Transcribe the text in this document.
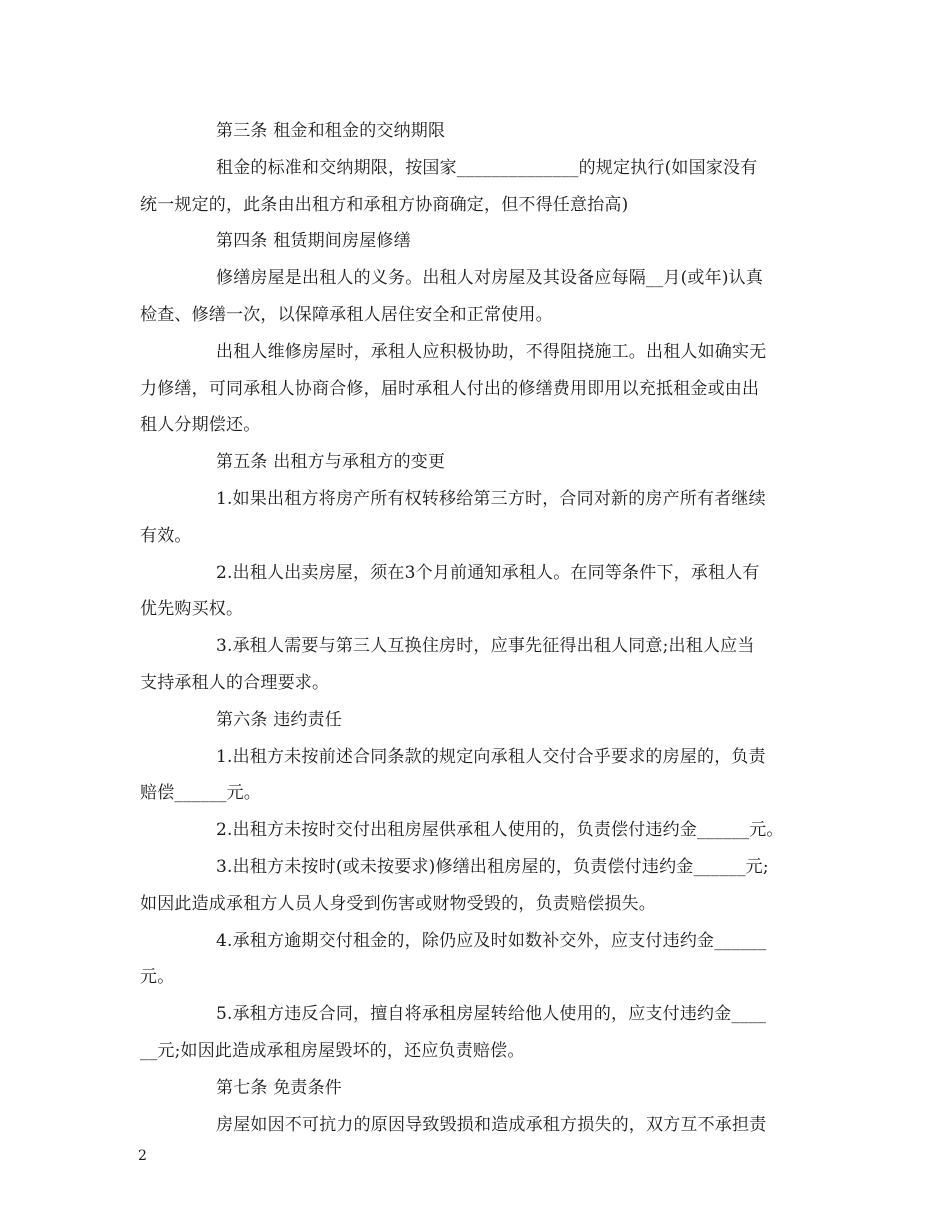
第三条 租金和租金的交纳期限
租金的标准和交纳期限，按国家______________的规定执行(如国家没有
统一规定的，此条由出租方和承租方协商确定，但不得任意抬高)
第四条 租赁期间房屋修缮
修缮房屋是出租人的义务。出租人对房屋及其设备应每隔__月(或年)认真
检查、修缮一次，以保障承租人居住安全和正常使用。
出租人维修房屋时，承租人应积极协助，不得阻挠施工。出租人如确实无
力修缮，可同承租人协商合修，届时承租人付出的修缮费用即用以充抵租金或由出
租人分期偿还。
第五条 出租方与承租方的变更
1.如果出租方将房产所有权转移给第三方时，合同对新的房产所有者继续
有效。
2.出租人出卖房屋，须在3个月前通知承租人。在同等条件下，承租人有
优先购买权。
3.承租人需要与第三人互换住房时，应事先征得出租人同意;出租人应当
支持承租人的合理要求。
第六条 违约责任
1.出租方未按前述合同条款的规定向承租人交付合乎要求的房屋的，负责
赔偿______元。
2.出租方未按时交付出租房屋供承租人使用的，负责偿付违约金______元。
3.出租方未按时(或未按要求)修缮出租房屋的，负责偿付违约金______元;
如因此造成承租方人员人身受到伤害或财物受毁的，负责赔偿损失。
4.承租方逾期交付租金的，除仍应及时如数补交外，应支付违约金______
元。
5.承租方违反合同，擅自将承租房屋转给他人使用的，应支付违约金____
__元;如因此造成承租房屋毁坏的，还应负责赔偿。
第七条 免责条件
房屋如因不可抗力的原因导致毁损和造成承租方损失的，双方互不承担责
2
